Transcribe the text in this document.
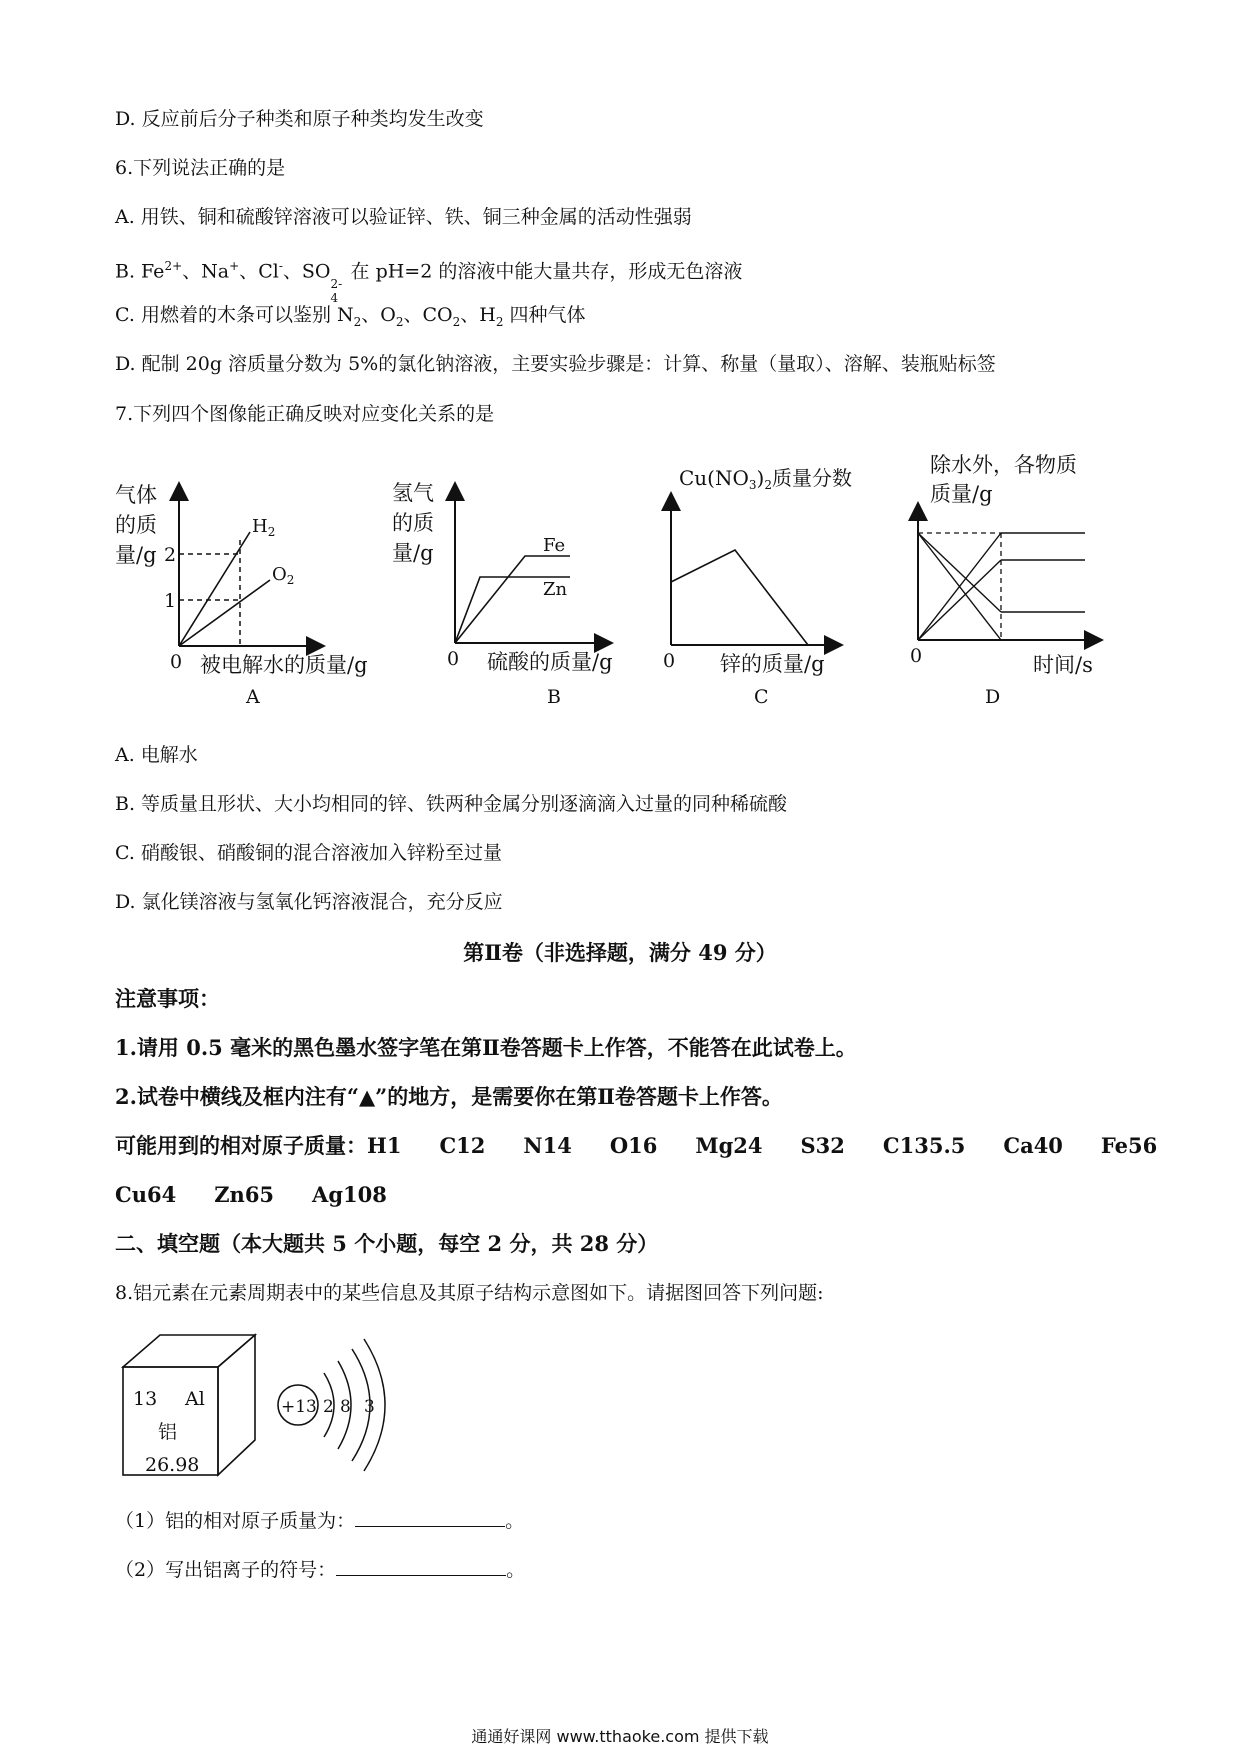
D. 反应前后分子种类和原子种类均发生改变
6.下列说法正确的是
A. 用铁、铜和硫酸锌溶液可以验证锌、铁、铜三种金属的活动性强弱
B. $Fe^{2+}$、Na+、Cl-、SO
4
2-
在 pH=2 的溶液中能大量共存，形成无色溶液
C. 用燃着的木条可以鉴别 $N_2$、$O_2$、$CO_2$、$H_2$ 四种气体
D. 配制 20g 溶质量分数为 5%的氯化钠溶液，主要实验步骤是：计算、称量（量取）、溶解、装瓶贴标签
7.下列四个图像能正确反映对应变化关系的是
气体
的质
量/g 2
1
$H_2$
$O_2$
0 被电解水的质量/g
A
氢气
的质
量/g	Fe
Zn
0 硫酸的质量/g
B
$Cu(NO_3)_2$质量分数
0 锌的质量/g
C
除水外，各物质
质量/g
0	时间/s
D
A. 电解水
B. 等质量且形状、大小均相同的锌、铁两种金属分别逐滴滴入过量的同种稀硫酸
C. 硝酸银、硝酸铜的混合溶液加入锌粉至过量
D. 氯化镁溶液与氢氧化钙溶液混合，充分反应
第Ⅱ卷（非选择题，满分 49 分）
注意事项：
1.请用 0.5 毫米的黑色墨水签字笔在第Ⅱ卷答题卡上作答，不能答在此试卷上。
2.试卷中横线及框内注有“▲”的地方，是需要你在第Ⅱ卷答题卡上作答。
可能用到的相对原子质量：H1 C12 N14 O16 Mg24 S32 C135.5 Ca40 Fe56
Cu64 Zn65 Ag108
二、填空题（本大题共 5 个小题，每空 2 分，共 28 分）
8.铝元素在元素周期表中的某些信息及其原子结构示意图如下。请据图回答下列问题:
13 Al
铝
26.98
+13 2 8 3
（1）铝的相对原子质量为：	。
（2）写出铝离子的符号：	。
通通好课网 www.tthaoke.com 提供下载
